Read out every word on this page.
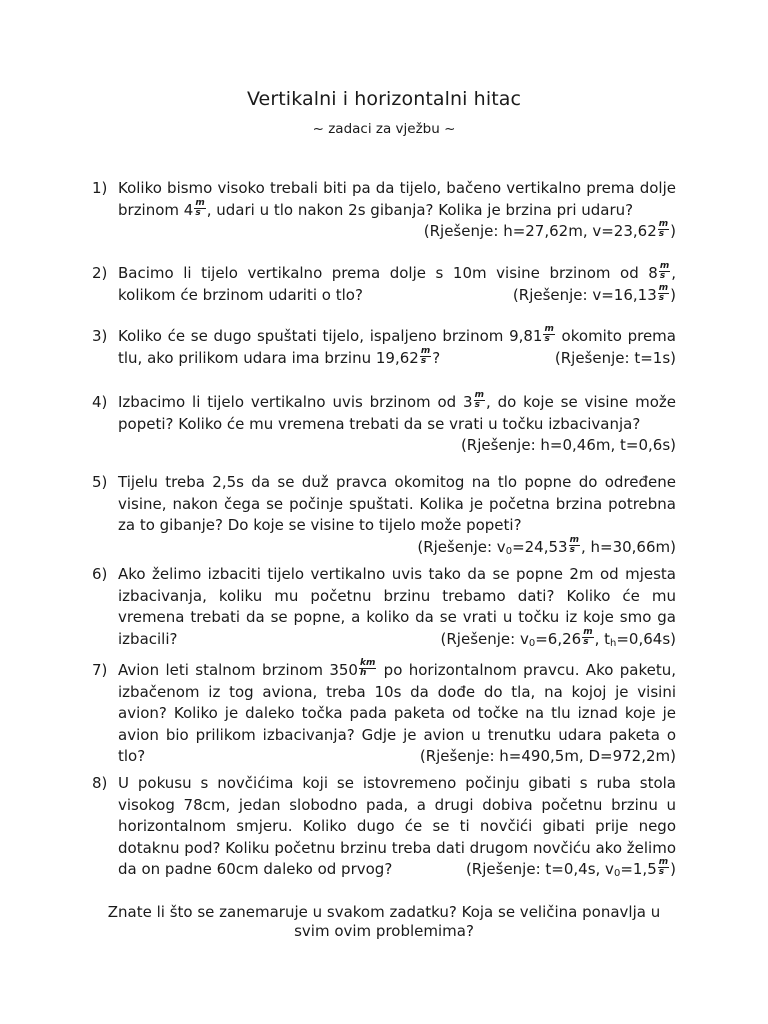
Vertikalni i horizontalni hitac
~ zadaci za vježbu ~
1) Koliko bismo visoko trebali biti pa da tijelo, bačeno vertikalno prema dolje brzinom $4 \frac{m}{s}$ , udari u tlo nakon 2s gibanja? Kolika je brzina pri udaru?
(Rješenje: h=27,62m, $v=23,62 \frac{m}{s}$ )
2) Bacimo li tijelo vertikalno prema dolje s 10m visine brzinom od $8 \frac{m}{s}$ , kolikom će brzinom udariti o tlo?	(Rješenje: $v=16,13 \frac{m}{s}$ )
3) Koliko će se dugo spuštati tijelo, ispaljeno brzinom $9,81 \frac{m}{s}$ okomito prema tlu, ako prilikom udara ima brzinu $19,62 \frac{m}{s}$ ?	(Rješenje: t=1s)
4) Izbacimo li tijelo vertikalno uvis brzinom od $3 \frac{m}{s}$ , do koje se visine može popeti? Koliko će mu vremena trebati da se vrati u točku izbacivanja?
(Rješenje: h=0,46m, t=0,6s)
5) Tijelu treba 2,5s da se duž pravca okomitog na tlo popne do određene visine, nakon čega se počinje spuštati. Kolika je početna brzina potrebna za to gibanje? Do koje se visine to tijelo može popeti?
(Rješenje: $v_0=24,53 \frac{m}{s}$ , h=30,66m)
6) Ako želimo izbaciti tijelo vertikalno uvis tako da se popne 2m od mjesta izbacivanja, koliku mu početnu brzinu trebamo dati? Koliko će mu vremena trebati da se popne, a koliko da se vrati u točku iz koje smo ga izbacili?	(Rješenje: $v_0=6,26 \frac{m}{s}$ , $t_h=0,64s$)
7) Avion leti stalnom brzinom $350 \frac{km}{h}$ po horizontalnom pravcu. Ako paketu, izbačenom iz tog aviona, treba 10s da dođe do tla, na kojoj je visini avion? Koliko je daleko točka pada paketa od točke na tlu iznad koje je avion bio prilikom izbacivanja? Gdje je avion u trenutku udara paketa o tlo?	(Rješenje: h=490,5m, D=972,2m)
8) U pokusu s novčićima koji se istovremeno počinju gibati s ruba stola visokog 78cm, jedan slobodno pada, a drugi dobiva početnu brzinu u horizontalnom smjeru. Koliko dugo će se ti novčići gibati prije nego dotaknu pod? Koliku početnu brzinu treba dati drugom novčiću ako želimo da on padne 60cm daleko od prvog?	(Rješenje: t=0,4s, $v_0=1,5 \frac{m}{s}$ )
Znate li što se zanemaruje u svakom zadatku? Koja se veličina ponavlja u svim ovim problemima?
